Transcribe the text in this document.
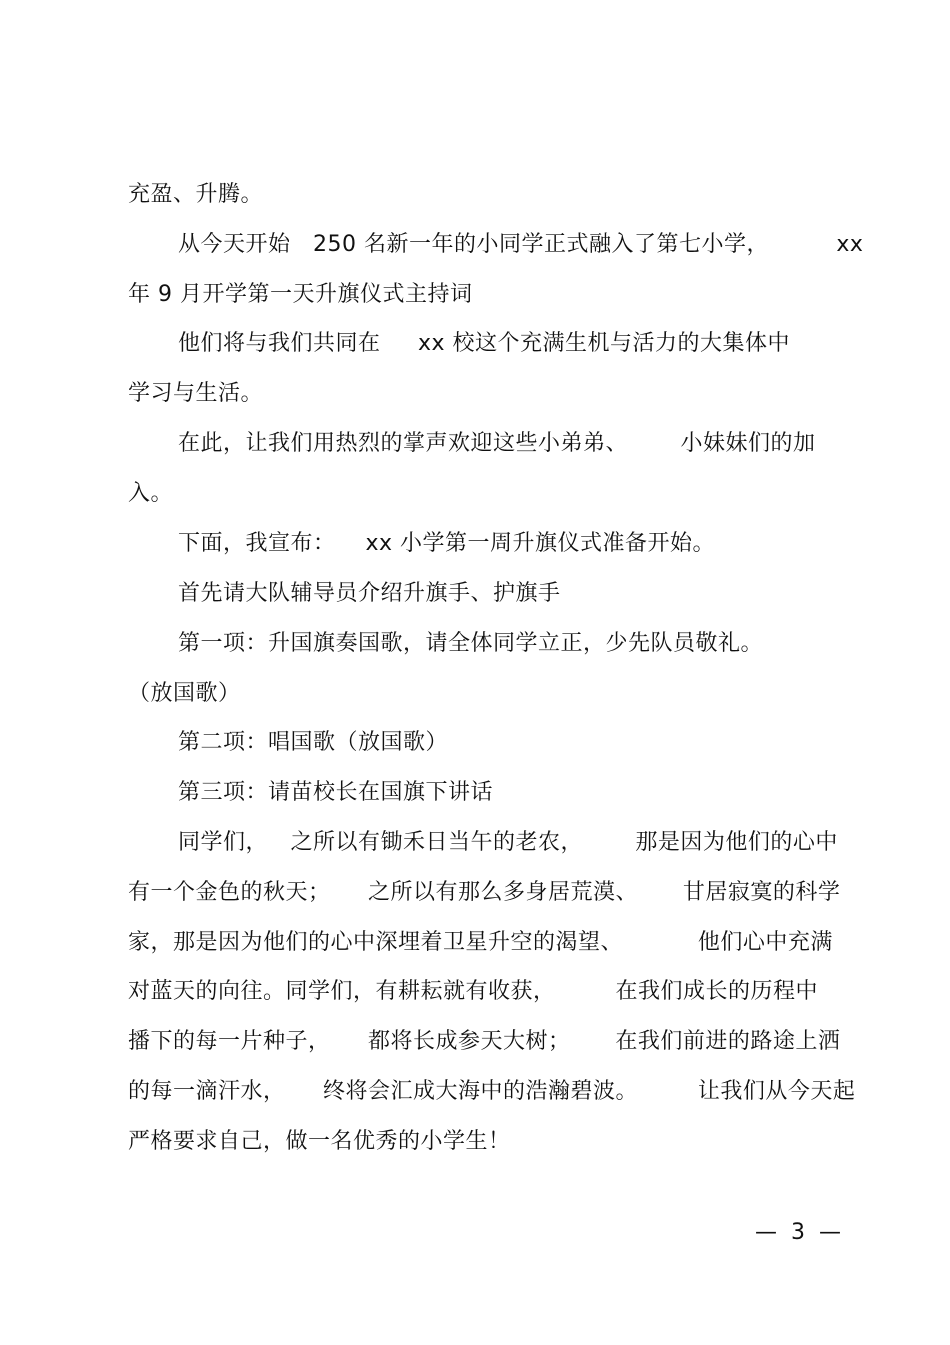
充盈、升腾。
从今天开始   250 名新一年的小同学正式融入了第七小学，         xx
年 9 月开学第一天升旗仪式主持词
他们将与我们共同在     xx 校这个充满生机与活力的大集体中
学习与生活。
在此，让我们用热烈的掌声欢迎这些小弟弟、       小妹妹们的加
入。
下面，我宣布：    xx 小学第一周升旗仪式准备开始。
首先请大队辅导员介绍升旗手、护旗手
第一项：升国旗奏国歌，请全体同学立正，少先队员敬礼。
（放国歌）
第二项：唱国歌（放国歌）
第三项：请苗校长在国旗下讲话
同学们，   之所以有锄禾日当午的老农，       那是因为他们的心中
有一个金色的秋天；     之所以有那么多身居荒漠、      甘居寂寞的科学
家，那是因为他们的心中深埋着卫星升空的渴望、          他们心中充满
对蓝天的向往。同学们，有耕耘就有收获，        在我们成长的历程中
播下的每一片种子，     都将长成参天大树；      在我们前进的路途上洒
的每一滴汗水，     终将会汇成大海中的浩瀚碧波。        让我们从今天起
严格要求自己，做一名优秀的小学生！
—  3  —
